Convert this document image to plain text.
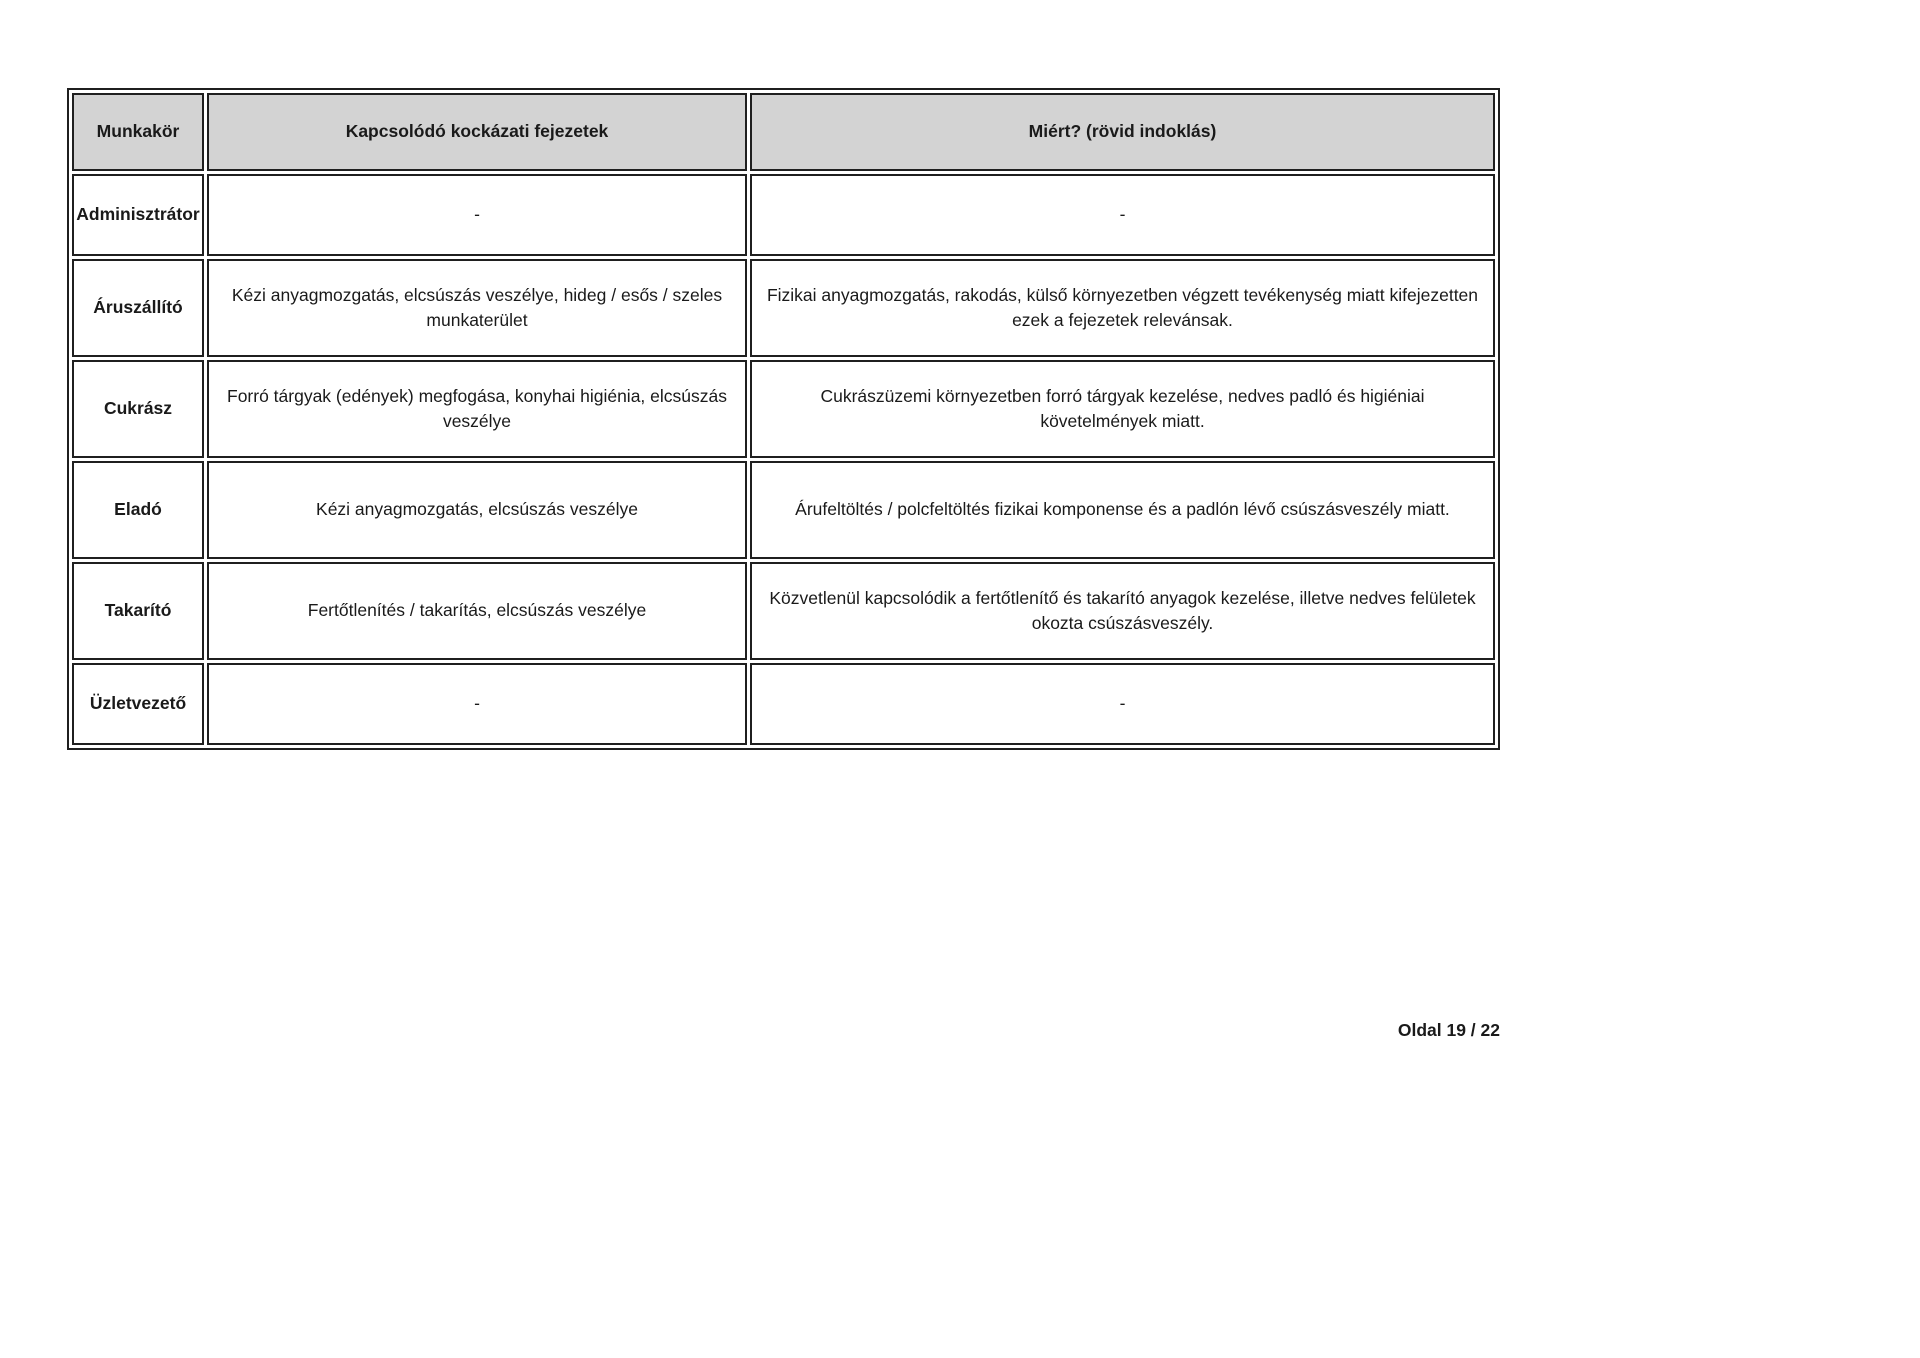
Munkakör	Kapcsolódó kockázati fejezetek	Miért? (rövid indoklás)
Adminisztrátor	-	-
Áruszállító	Kézi anyagmozgatás, elcsúszás veszélye, hideg / esős / szeles munkaterület	Fizikai anyagmozgatás, rakodás, külső környezetben végzett tevékenység miatt kifejezetten ezek a fejezetek relevánsak.
Cukrász	Forró tárgyak (edények) megfogása, konyhai higiénia, elcsúszás veszélye	Cukrászüzemi környezetben forró tárgyak kezelése, nedves padló és higiéniai követelmények miatt.
Eladó	Kézi anyagmozgatás, elcsúszás veszélye	Árufeltöltés / polcfeltöltés fizikai komponense és a padlón lévő csúszásveszély miatt.
Takarító	Fertőtlenítés / takarítás, elcsúszás veszélye	Közvetlenül kapcsolódik a fertőtlenítő és takarító anyagok kezelése, illetve nedves felületek okozta csúszásveszély.
Üzletvezető	-	-
Oldal 19 / 22
